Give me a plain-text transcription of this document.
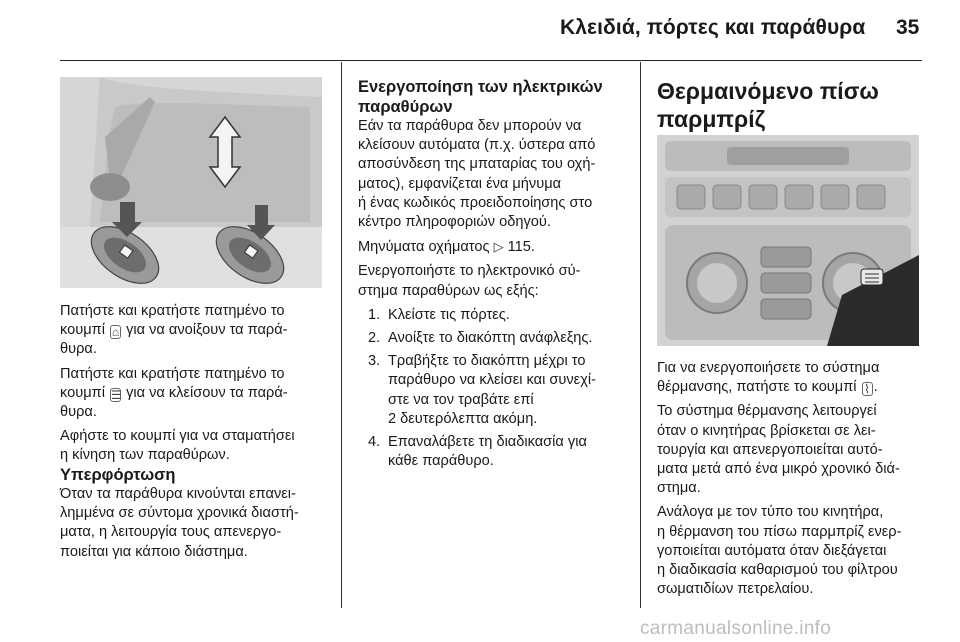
Κλειδιά, πόρτες και παράθυρα 35

Πατήστε και κρατήστε πατημένο το
κουμπί ⌂ για να ανοίξουν τα παρά-
θυρα.

Πατήστε και κρατήστε πατημένο το
κουμπί ☰ για να κλείσουν τα παρά-
θυρα.

Αφήστε το κουμπί για να σταματήσει
η κίνηση των παραθύρων.

Υπερφόρτωση

Όταν τα παράθυρα κινούνται επανει-
λημμένα σε σύντομα χρονικά διαστή-
ματα, η λειτουργία τους απενεργο-
ποιείται για κάποιο διάστημα.

Ενεργοποίηση των ηλεκτρικών
παραθύρων

Εάν τα παράθυρα δεν μπορούν να
κλείσουν αυτόματα (π.χ. ύστερα από
αποσύνδεση της μπαταρίας του οχή-
ματος), εμφανίζεται ένα μήνυμα
ή ένας κωδικός προειδοποίησης στο
κέντρο πληροφοριών οδηγού.

Μηνύματα οχήματος ▷ 115.

Ενεργοποιήστε το ηλεκτρονικό σύ-
στημα παραθύρων ως εξής:

1. Κλείστε τις πόρτες.
2. Ανοίξτε το διακόπτη ανάφλεξης.
3. Τραβήξτε το διακόπτη μέχρι το
παράθυρο να κλείσει και συνεχί-
στε να τον τραβάτε επί
2 δευτερόλεπτα ακόμη.
4. Επαναλάβετε τη διαδικασία για
κάθε παράθυρο.
Θερμαινόμενο πίσω
παρμπρίζ

Για να ενεργοποιήσετε το σύστημα
θέρμανσης, πατήστε το κουμπί ⌇ .

Το σύστημα θέρμανσης λειτουργεί
όταν ο κινητήρας βρίσκεται σε λει-
τουργία και απενεργοποιείται αυτό-
ματα μετά από ένα μικρό χρονικό διά-
στημα.

Ανάλογα με τον τύπο του κινητήρα,
η θέρμανση του πίσω παρμπρίζ ενερ-
γοποιείται αυτόματα όταν διεξάγεται
η διαδικασία καθαρισμού του φίλτρου
σωματιδίων πετρελαίου.

carmanualsonline.info
